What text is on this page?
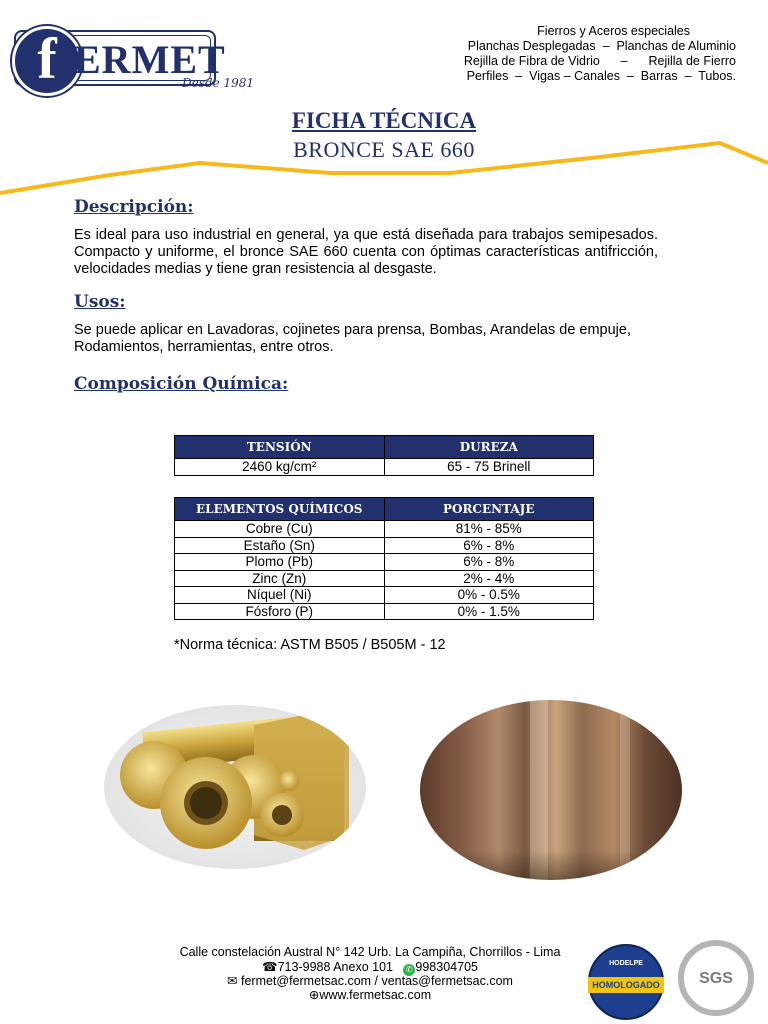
f ERMET
Desde 1981
Fierros y Aceros especiales
Planchas Desplegadas  –  Planchas de Aluminio
Rejilla de Fibra de Vidrio      –      Rejilla de Fierro
Perfiles  –  Vigas – Canales  –  Barras  –  Tubos.
FICHA TÉCNICA
BRONCE SAE 660
Descripción:
Es ideal para uso industrial en general, ya que está diseñada para trabajos semipesados. Compacto y uniforme, el bronce SAE 660 cuenta con óptimas características antifricción, velocidades medias y tiene gran resistencia al desgaste.
Usos:
Se puede aplicar en Lavadoras, cojinetes para prensa, Bombas, Arandelas de empuje, Rodamientos, herramientas, entre otros.
Composición Química:
TENSIÓN	DUREZA
2460 kg/cm²	65 - 75 Brinell
ELEMENTOS QUÍMICOS	PORCENTAJE
Cobre (Cu)	81% - 85%
Estaño (Sn)	6% - 8%
Plomo (Pb)	6% - 8%
Zinc (Zn)	2% - 4%
Níquel (Ni)	0% - 0.5%
Fósforo (P)	0% - 1.5%
*Norma técnica: ASTM B505 / B505M - 12
Calle constelación Austral N° 142 Urb. La Campiña, Chorrillos - Lima
☎713-9988 Anexo 101 ✆ 998304705
✉ fermet@fermetsac.com / ventas@fermetsac.com
⊕www.fermetsac.com
HODELPE
HOMOLOGADO	SGS
